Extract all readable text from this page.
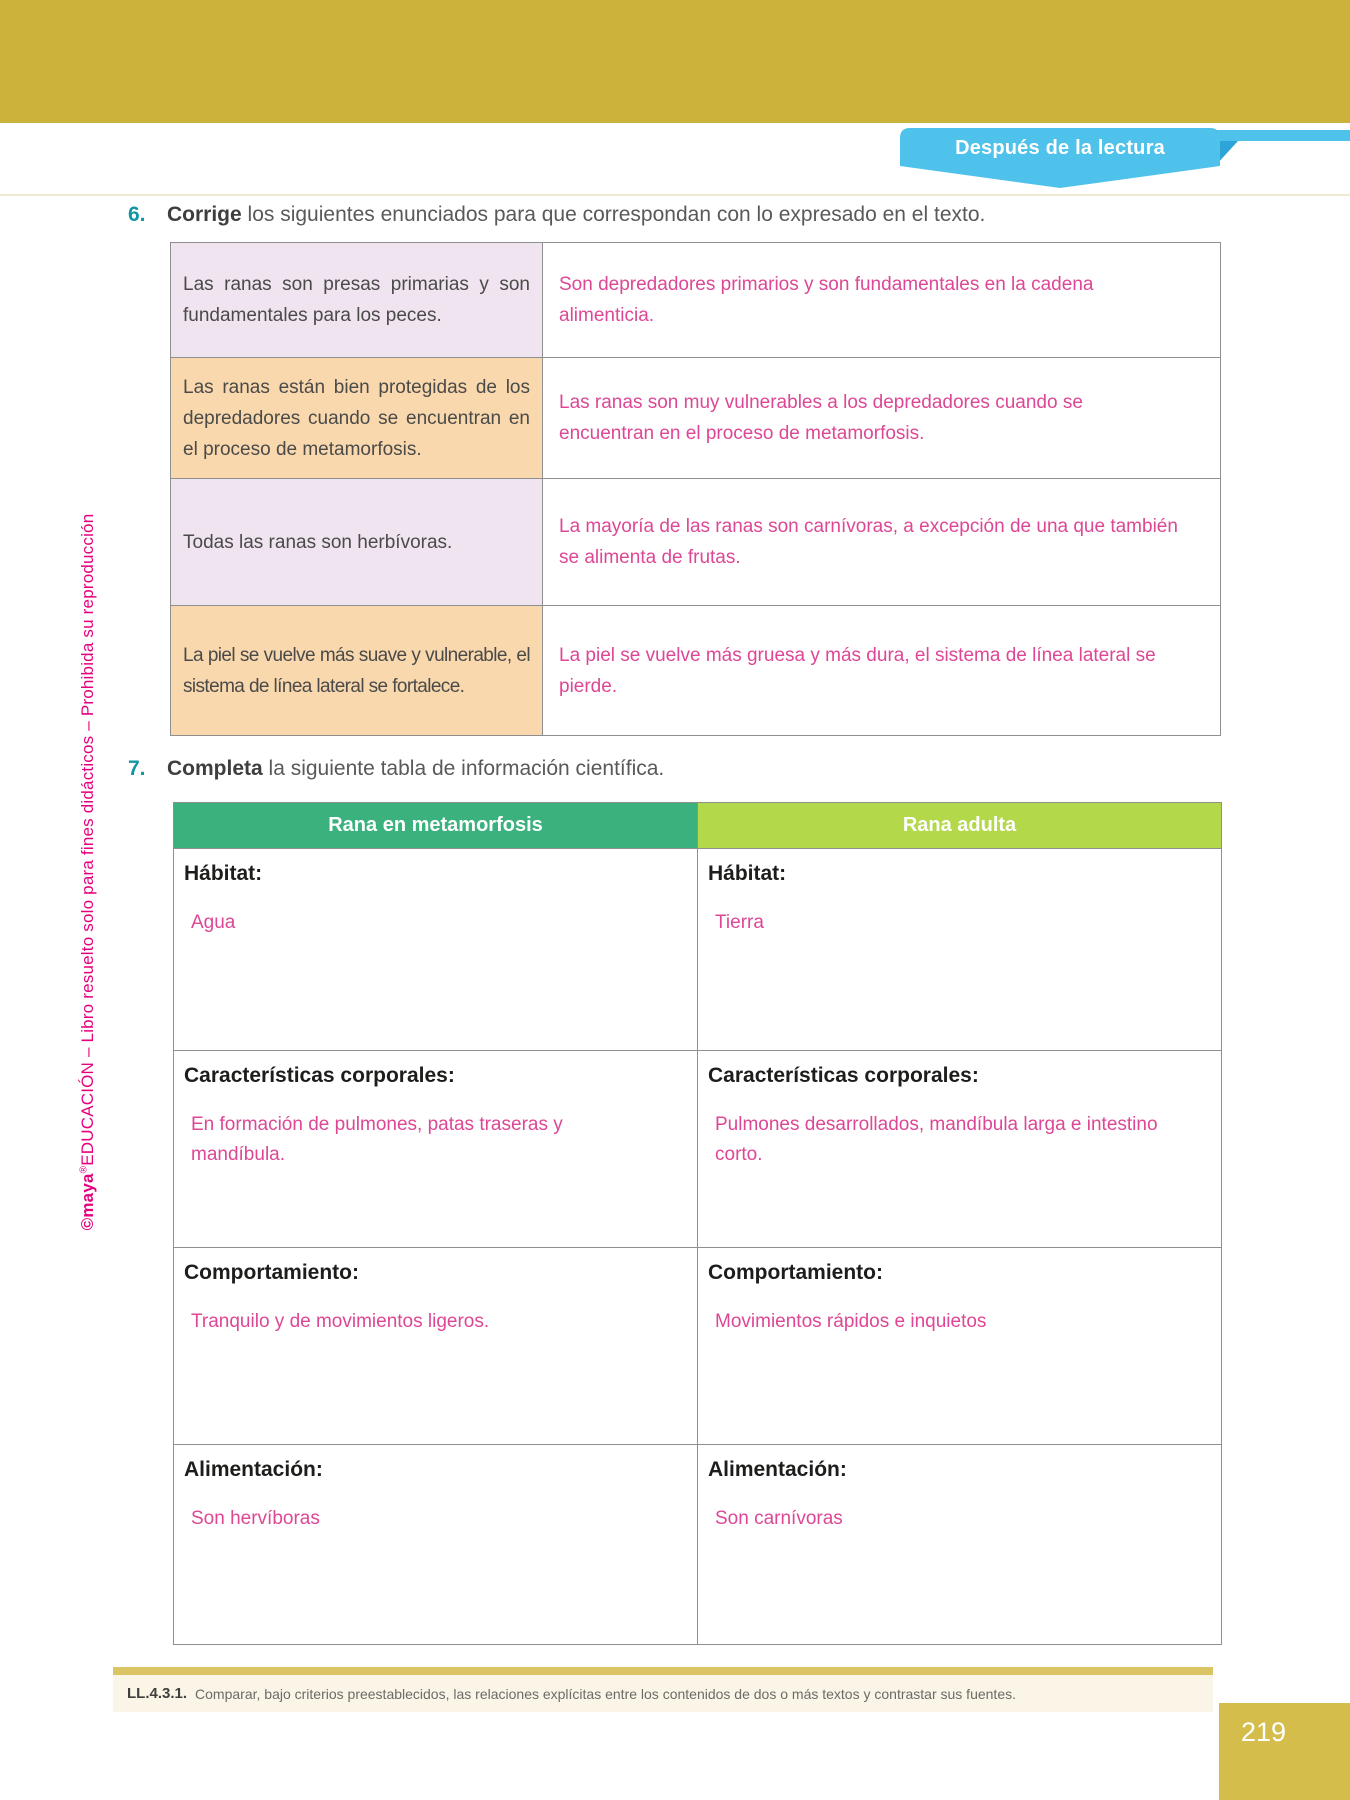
Después de la lectura
6. Corrige los siguientes enunciados para que correspondan con lo expresado en el texto.

Las ranas son presas primarias y son fundamentales para los peces.

Son depredadores primarios y son fundamentales en la cadena alimenticia.

Las ranas están bien protegidas de los depredadores cuando se encuentran en el proceso de metamorfosis.

Las ranas son muy vulnerables a los depredadores cuando se encuentran en el proceso de metamorfosis.

Todas las ranas son herbívoras.

La mayoría de las ranas son carnívoras, a excepción de una que también se alimenta de frutas.

La piel se vuelve más suave y vulnerable, el sistema de línea lateral se fortalece.

La piel se vuelve más gruesa y más dura, el sistema de línea lateral se pierde.

7. Completa la siguiente tabla de información científica.
Rana en metamorfosis	Rana adulta
Hábitat:
Agua
Hábitat:
Tierra
Características corporales:
En formación de pulmones, patas traseras y mandíbula.
Características corporales:
Pulmones desarrollados, mandíbula larga e intestino corto.
Comportamiento:
Tranquilo y de movimientos ligeros.
Comportamiento:
Movimientos rápidos e inquietos
Alimentación:
Son hervíboras
Alimentación:
Son carnívoras
LL.4.3.1. Comparar, bajo criterios preestablecidos, las relaciones explícitas entre los contenidos de dos o más textos y contrastar sus fuentes.
219
©maya®EDUCACIÓN – Libro resuelto solo para fines didácticos – Prohibida su reproducción
